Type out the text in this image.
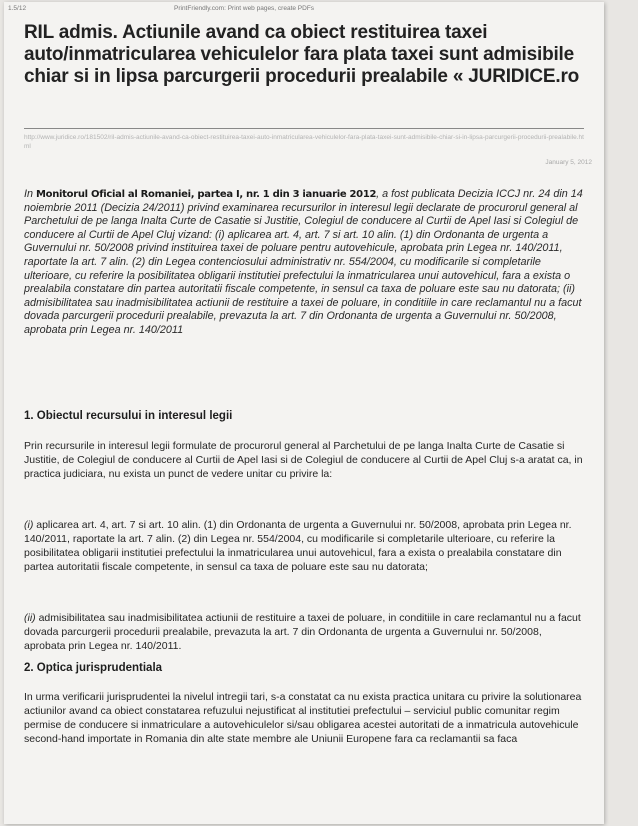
1.5/12	PrintFriendly.com: Print web pages, create PDFs
RIL admis. Actiunile avand ca obiect restituirea taxei auto/inmatricularea vehiculelor fara plata taxei sunt admisibile chiar si in lipsa parcurgerii procedurii prealabile « JURIDICE.ro
http://www.juridice.ro/181502/ril-admis-actiunile-avand-ca-obiect-restituirea-taxei-auto-inmatricularea-vehiculelor-fara-plata-taxei-sunt-admisibile-chiar-si-in-lipsa-parcurgerii-procedurii-prealabile.html
January 5, 2012
In Monitorul Oficial al Romaniei, partea I, nr. 1 din 3 ianuarie 2012, a fost publicata Decizia ICCJ nr. 24 din 14 noiembrie 2011 (Decizia 24/2011) privind examinarea recursurilor in interesul legii declarate de procurorul general al Parchetului de pe langa Inalta Curte de Casatie si Justitie, Colegiul de conducere al Curtii de Apel Iasi si Colegiul de conducere al Curtii de Apel Cluj vizand: (i) aplicarea art. 4, art. 7 si art. 10 alin. (1) din Ordonanta de urgenta a Guvernului nr. 50/2008 privind instituirea taxei de poluare pentru autovehicule, aprobata prin Legea nr. 140/2011, raportate la art. 7 alin. (2) din Legea contenciosului administrativ nr. 554/2004, cu modificarile si completarile ulterioare, cu referire la posibilitatea obligarii institutiei prefectului la inmatricularea unui autovehicul, fara a exista o prealabila constatare din partea autoritatii fiscale competente, in sensul ca taxa de poluare este sau nu datorata; (ii) admisibilitatea sau inadmisibilitatea actiunii de restituire a taxei de poluare, in conditiile in care reclamantul nu a facut dovada parcurgerii procedurii prealabile, prevazuta la art. 7 din Ordonanta de urgenta a Guvernului nr. 50/2008, aprobata prin Legea nr. 140/2011
1. Obiectul recursului in interesul legii
Prin recursurile in interesul legii formulate de procurorul general al Parchetului de pe langa Inalta Curte de Casatie si Justitie, de Colegiul de conducere al Curtii de Apel Iasi si de Colegiul de conducere al Curtii de Apel Cluj s-a aratat ca, in practica judiciara, nu exista un punct de vedere unitar cu privire la:
(i) aplicarea art. 4, art. 7 si art. 10 alin. (1) din Ordonanta de urgenta a Guvernului nr. 50/2008, aprobata prin Legea nr. 140/2011, raportate la art. 7 alin. (2) din Legea nr. 554/2004, cu modificarile si completarile ulterioare, cu referire la posibilitatea obligarii institutiei prefectului la inmatricularea unui autovehicul, fara a exista o prealabila constatare din partea autoritatii fiscale competente, in sensul ca taxa de poluare este sau nu datorata;
(ii) admisibilitatea sau inadmisibilitatea actiunii de restituire a taxei de poluare, in conditiile in care reclamantul nu a facut dovada parcurgerii procedurii prealabile, prevazuta la art. 7 din Ordonanta de urgenta a Guvernului nr. 50/2008, aprobata prin Legea nr. 140/2011.
2. Optica jurisprudentiala
In urma verificarii jurisprudentei la nivelul intregii tari, s-a constatat ca nu exista practica unitara cu privire la solutionarea actiunilor avand ca obiect constatarea refuzului nejustificat al institutiei prefectului – serviciul public comunitar regim permise de conducere si inmatriculare a autovehiculelor si/sau obligarea acestei autoritati de a inmatricula autovehicule second-hand importate in Romania din alte state membre ale Uniunii Europene fara ca reclamantii sa faca
